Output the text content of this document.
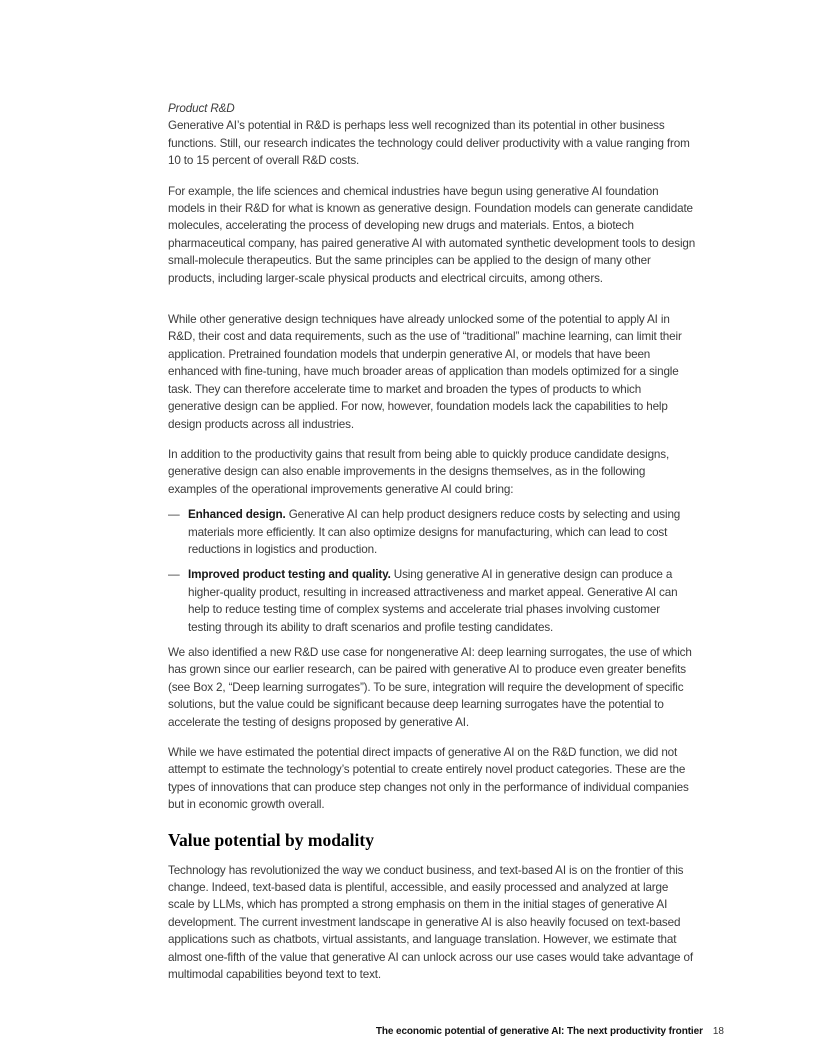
Product R&D

Generative AI’s potential in R&D is perhaps less well recognized than its potential in other business functions. Still, our research indicates the technology could deliver productivity with a value ranging from 10 to 15 percent of overall R&D costs.

For example, the life sciences and chemical industries have begun using generative AI foundation models in their R&D for what is known as generative design. Foundation models can generate candidate molecules, accelerating the process of developing new drugs and materials. Entos, a biotech pharmaceutical company, has paired generative AI with automated synthetic development tools to design small-molecule therapeutics. But the same principles can be applied to the design of many other products, including larger-scale physical products and electrical circuits, among others.

While other generative design techniques have already unlocked some of the potential to apply AI in R&D, their cost and data requirements, such as the use of “traditional” machine learning, can limit their application. Pretrained foundation models that underpin generative AI, or models that have been enhanced with fine-tuning, have much broader areas of application than models optimized for a single task. They can therefore accelerate time to market and broaden the types of products to which generative design can be applied. For now, however, foundation models lack the capabilities to help design products across all industries.

In addition to the productivity gains that result from being able to quickly produce candidate designs, generative design can also enable improvements in the designs themselves, as in the following examples of the operational improvements generative AI could bring:

— Enhanced design. Generative AI can help product designers reduce costs by selecting and using materials more efficiently. It can also optimize designs for manufacturing, which can lead to cost reductions in logistics and production.
— Improved product testing and quality. Using generative AI in generative design can produce a higher-quality product, resulting in increased attractiveness and market appeal. Generative AI can help to reduce testing time of complex systems and accelerate trial phases involving customer testing through its ability to draft scenarios and profile testing candidates.

We also identified a new R&D use case for nongenerative AI: deep learning surrogates, the use of which has grown since our earlier research, can be paired with generative AI to produce even greater benefits (see Box 2, “Deep learning surrogates”). To be sure, integration will require the development of specific solutions, but the value could be significant because deep learning surrogates have the potential to accelerate the testing of designs proposed by generative AI.

While we have estimated the potential direct impacts of generative AI on the R&D function, we did not attempt to estimate the technology’s potential to create entirely novel product categories. These are the types of innovations that can produce step changes not only in the performance of individual companies but in economic growth overall.

Value potential by modality

Technology has revolutionized the way we conduct business, and text-based AI is on the frontier of this change. Indeed, text-based data is plentiful, accessible, and easily processed and analyzed at large scale by LLMs, which has prompted a strong emphasis on them in the initial stages of generative AI development. The current investment landscape in generative AI is also heavily focused on text-based applications such as chatbots, virtual assistants, and language translation. However, we estimate that almost one-fifth of the value that generative AI can unlock across our use cases would take advantage of multimodal capabilities beyond text to text.

The economic potential of generative AI: The next productivity frontier 18
